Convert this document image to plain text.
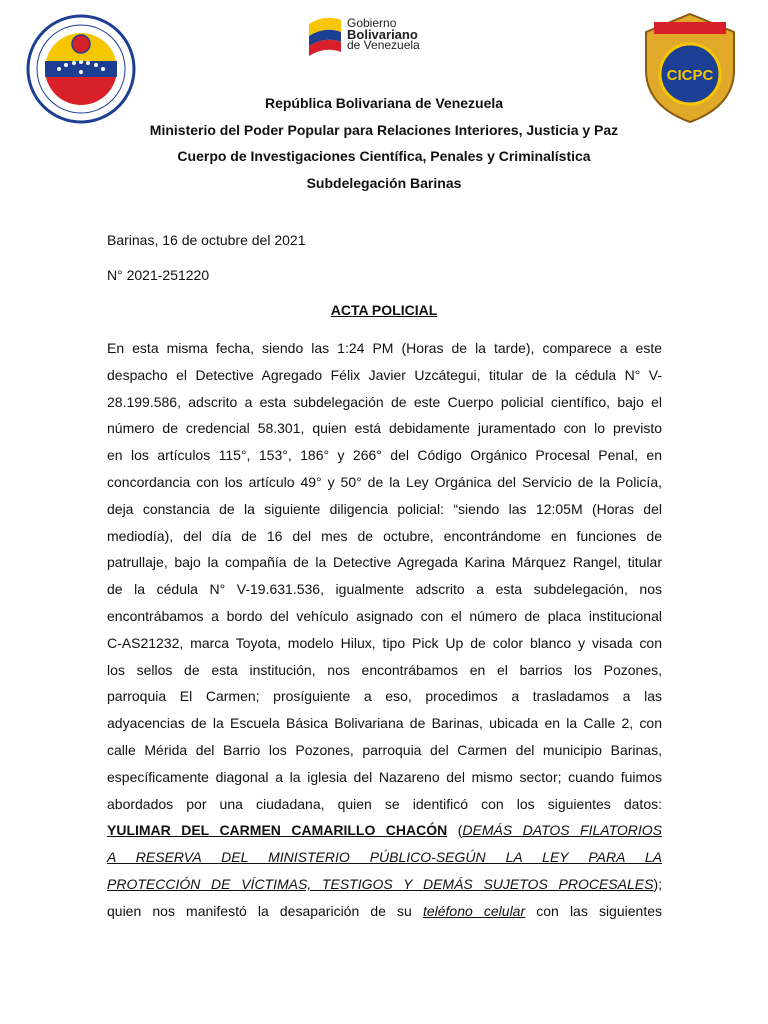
Gobierno
Bolivariano
de Venezuela
CICPC
República Bolivariana de Venezuela
Ministerio del Poder Popular para Relaciones Interiores, Justicia y Paz
Cuerpo de Investigaciones Científica, Penales y Criminalística
Subdelegación Barinas
Barinas, 16 de octubre del 2021
N° 2021-251220
ACTA POLICIAL
En esta misma fecha, siendo las 1:24 PM (Horas de la tarde), comparece a este
despacho el Detective Agregado Félix Javier Uzcátegui, titular de la cédula N° V-
28.199.586, adscrito a esta subdelegación de este Cuerpo policial científico, bajo el
número de credencial 58.301, quien está debidamente juramentado con lo previsto
en los artículos 115°, 153°, 186° y 266° del Código Orgánico Procesal Penal, en
concordancia con los artículo 49° y 50° de la Ley Orgánica del Servicio de la Policía,
deja constancia de la siguiente diligencia policial: “siendo las 12:05M (Horas del
mediodía), del día de 16 del mes de octubre, encontrándome en funciones de
patrullaje, bajo la compañía de la Detective Agregada Karina Márquez Rangel, titular
de la cédula N° V-19.631.536, igualmente adscrito a esta subdelegación, nos
encontrábamos a bordo del vehículo asignado con el número de placa institucional
C-AS21232, marca Toyota, modelo Hilux, tipo Pick Up de color blanco y visada con
los sellos de esta institución, nos encontrábamos en el barrios los Pozones,
parroquia El Carmen; prosíguiente a eso, procedimos a trasladamos a las
adyacencias de la Escuela Básica Bolivariana de Barinas, ubicada en la Calle 2, con
calle Mérida del Barrio los Pozones, parroquia del Carmen del municipio Barinas,
específicamente diagonal a la iglesia del Nazareno del mismo sector; cuando fuimos
abordados por una ciudadana, quien se identificó con los siguientes datos:
YULIMAR DEL CARMEN CAMARILLO CHACÓN (DEMÁS DATOS FILATORIOS
A RESERVA DEL MINISTERIO PÚBLICO-SEGÚN LA LEY PARA LA
PROTECCIÓN DE VÍCTIMAS, TESTIGOS Y DEMÁS SUJETOS PROCESALES);
quien nos manifestó la desaparición de su teléfono celular con las siguientes
